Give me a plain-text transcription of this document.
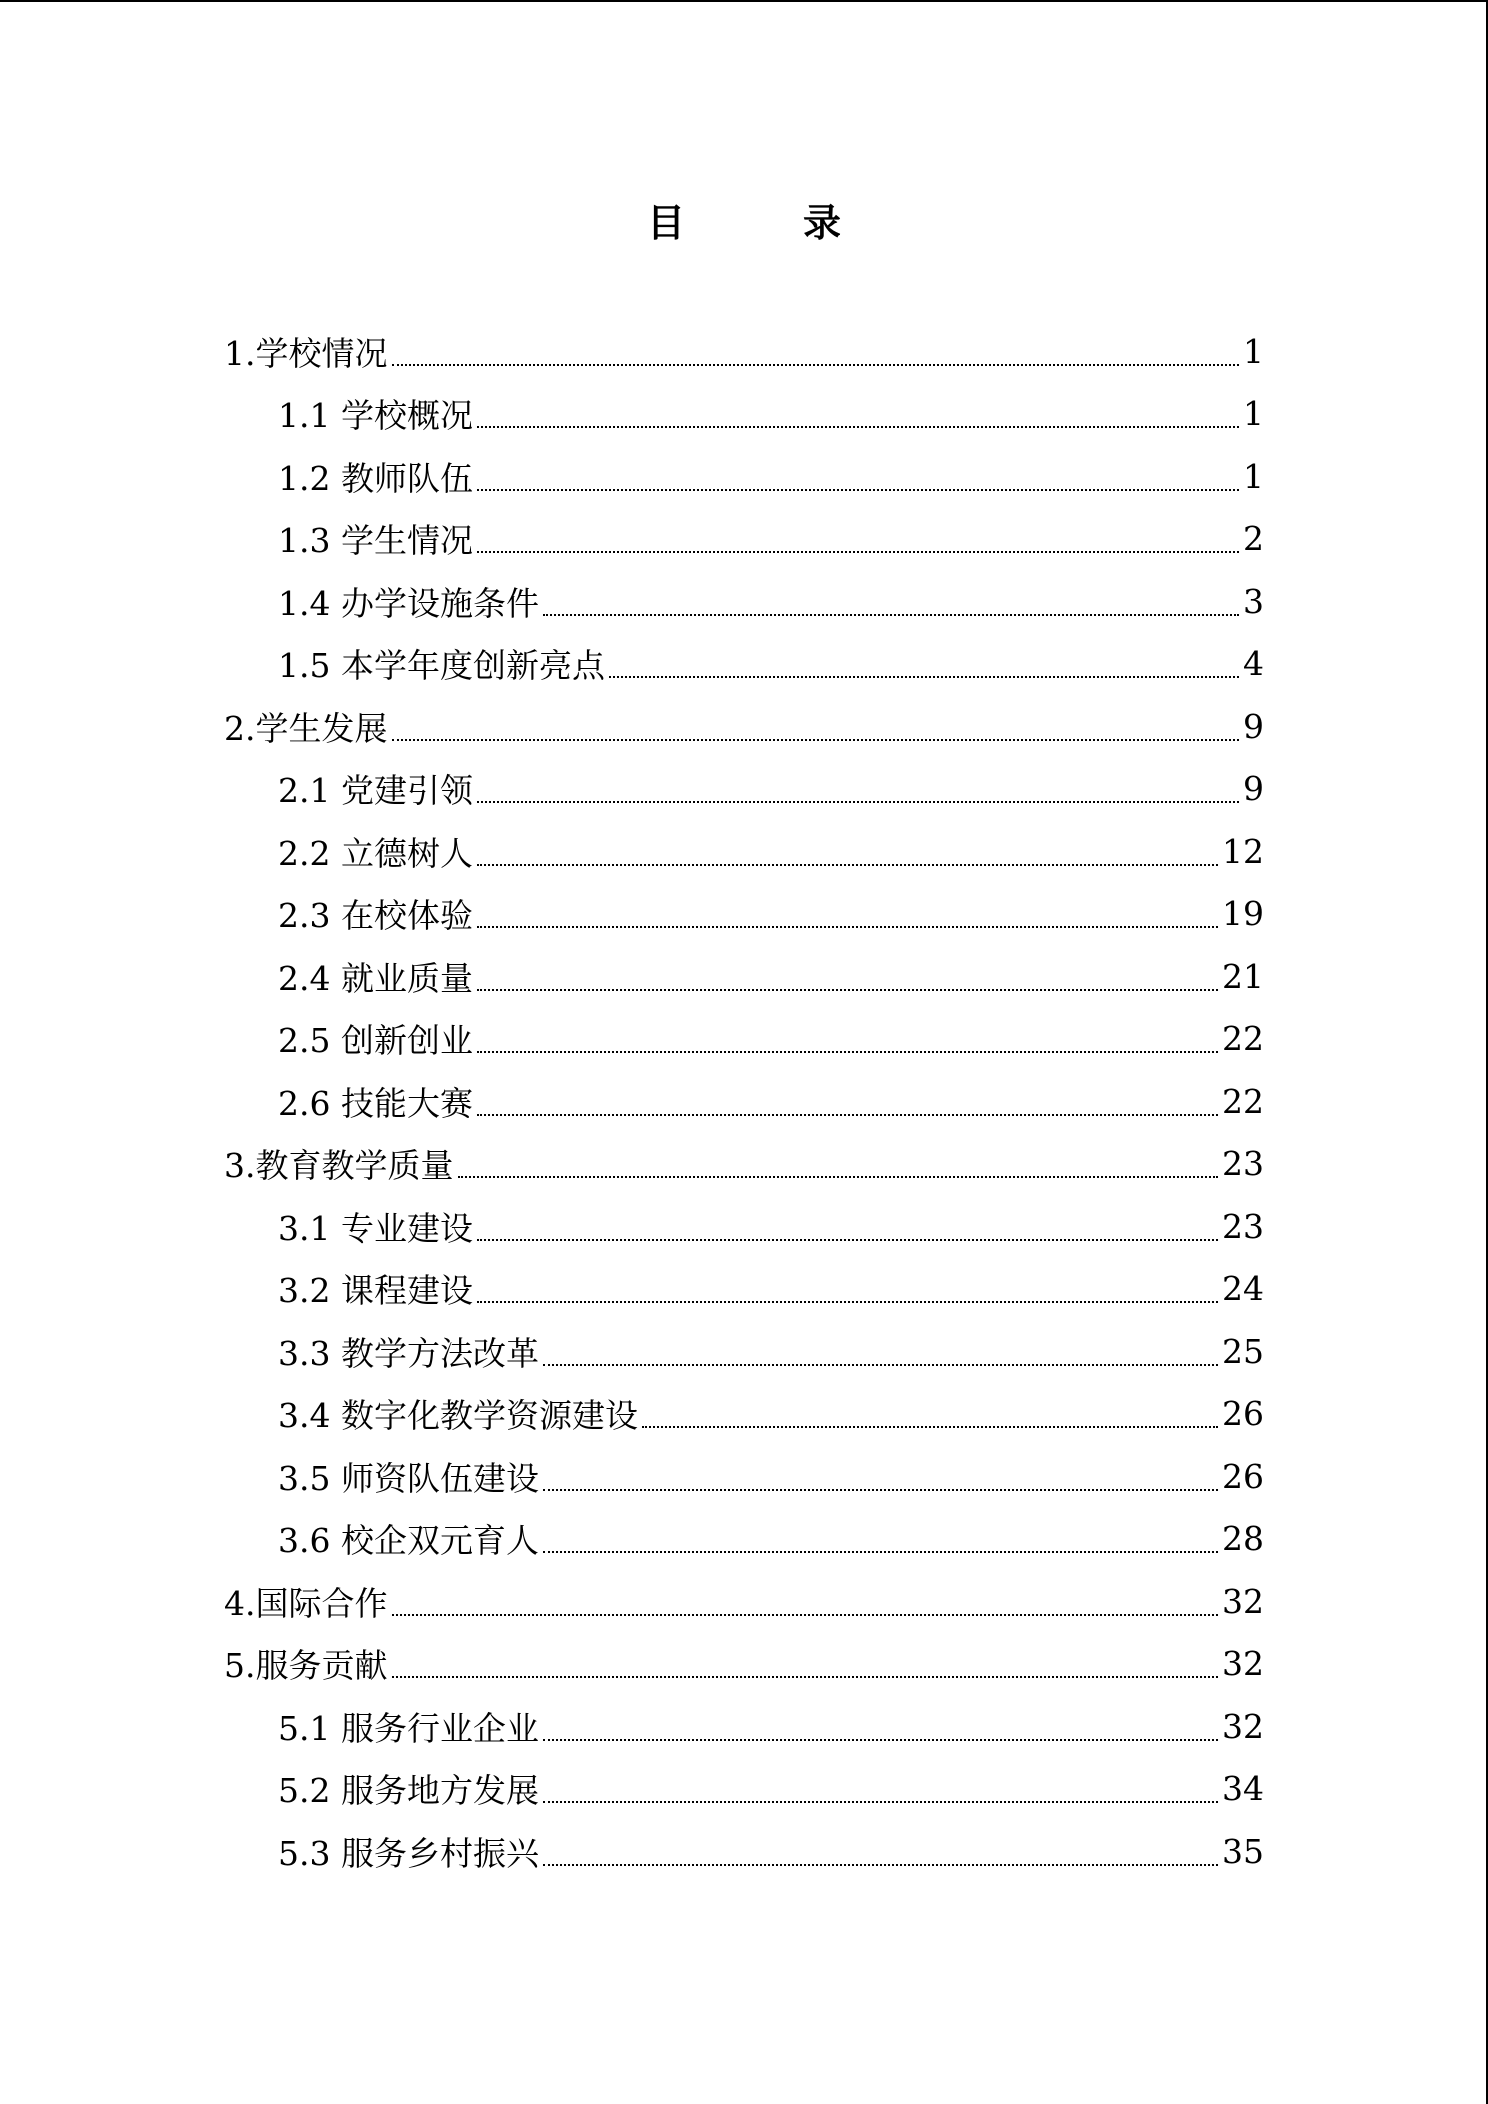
目　录
1.学校情况	1
1.1 学校概况	1
1.2 教师队伍	1
1.3 学生情况	2
1.4 办学设施条件	3
1.5 本学年度创新亮点	4
2.学生发展	9
2.1 党建引领	9
2.2 立德树人	12
2.3 在校体验	19
2.4 就业质量	21
2.5 创新创业	22
2.6 技能大赛	22
3.教育教学质量	23
3.1 专业建设	23
3.2 课程建设	24
3.3 教学方法改革	25
3.4 数字化教学资源建设	26
3.5 师资队伍建设	26
3.6 校企双元育人	28
4.国际合作	32
5.服务贡献	32
5.1 服务行业企业	32
5.2 服务地方发展	34
5.3 服务乡村振兴	35
